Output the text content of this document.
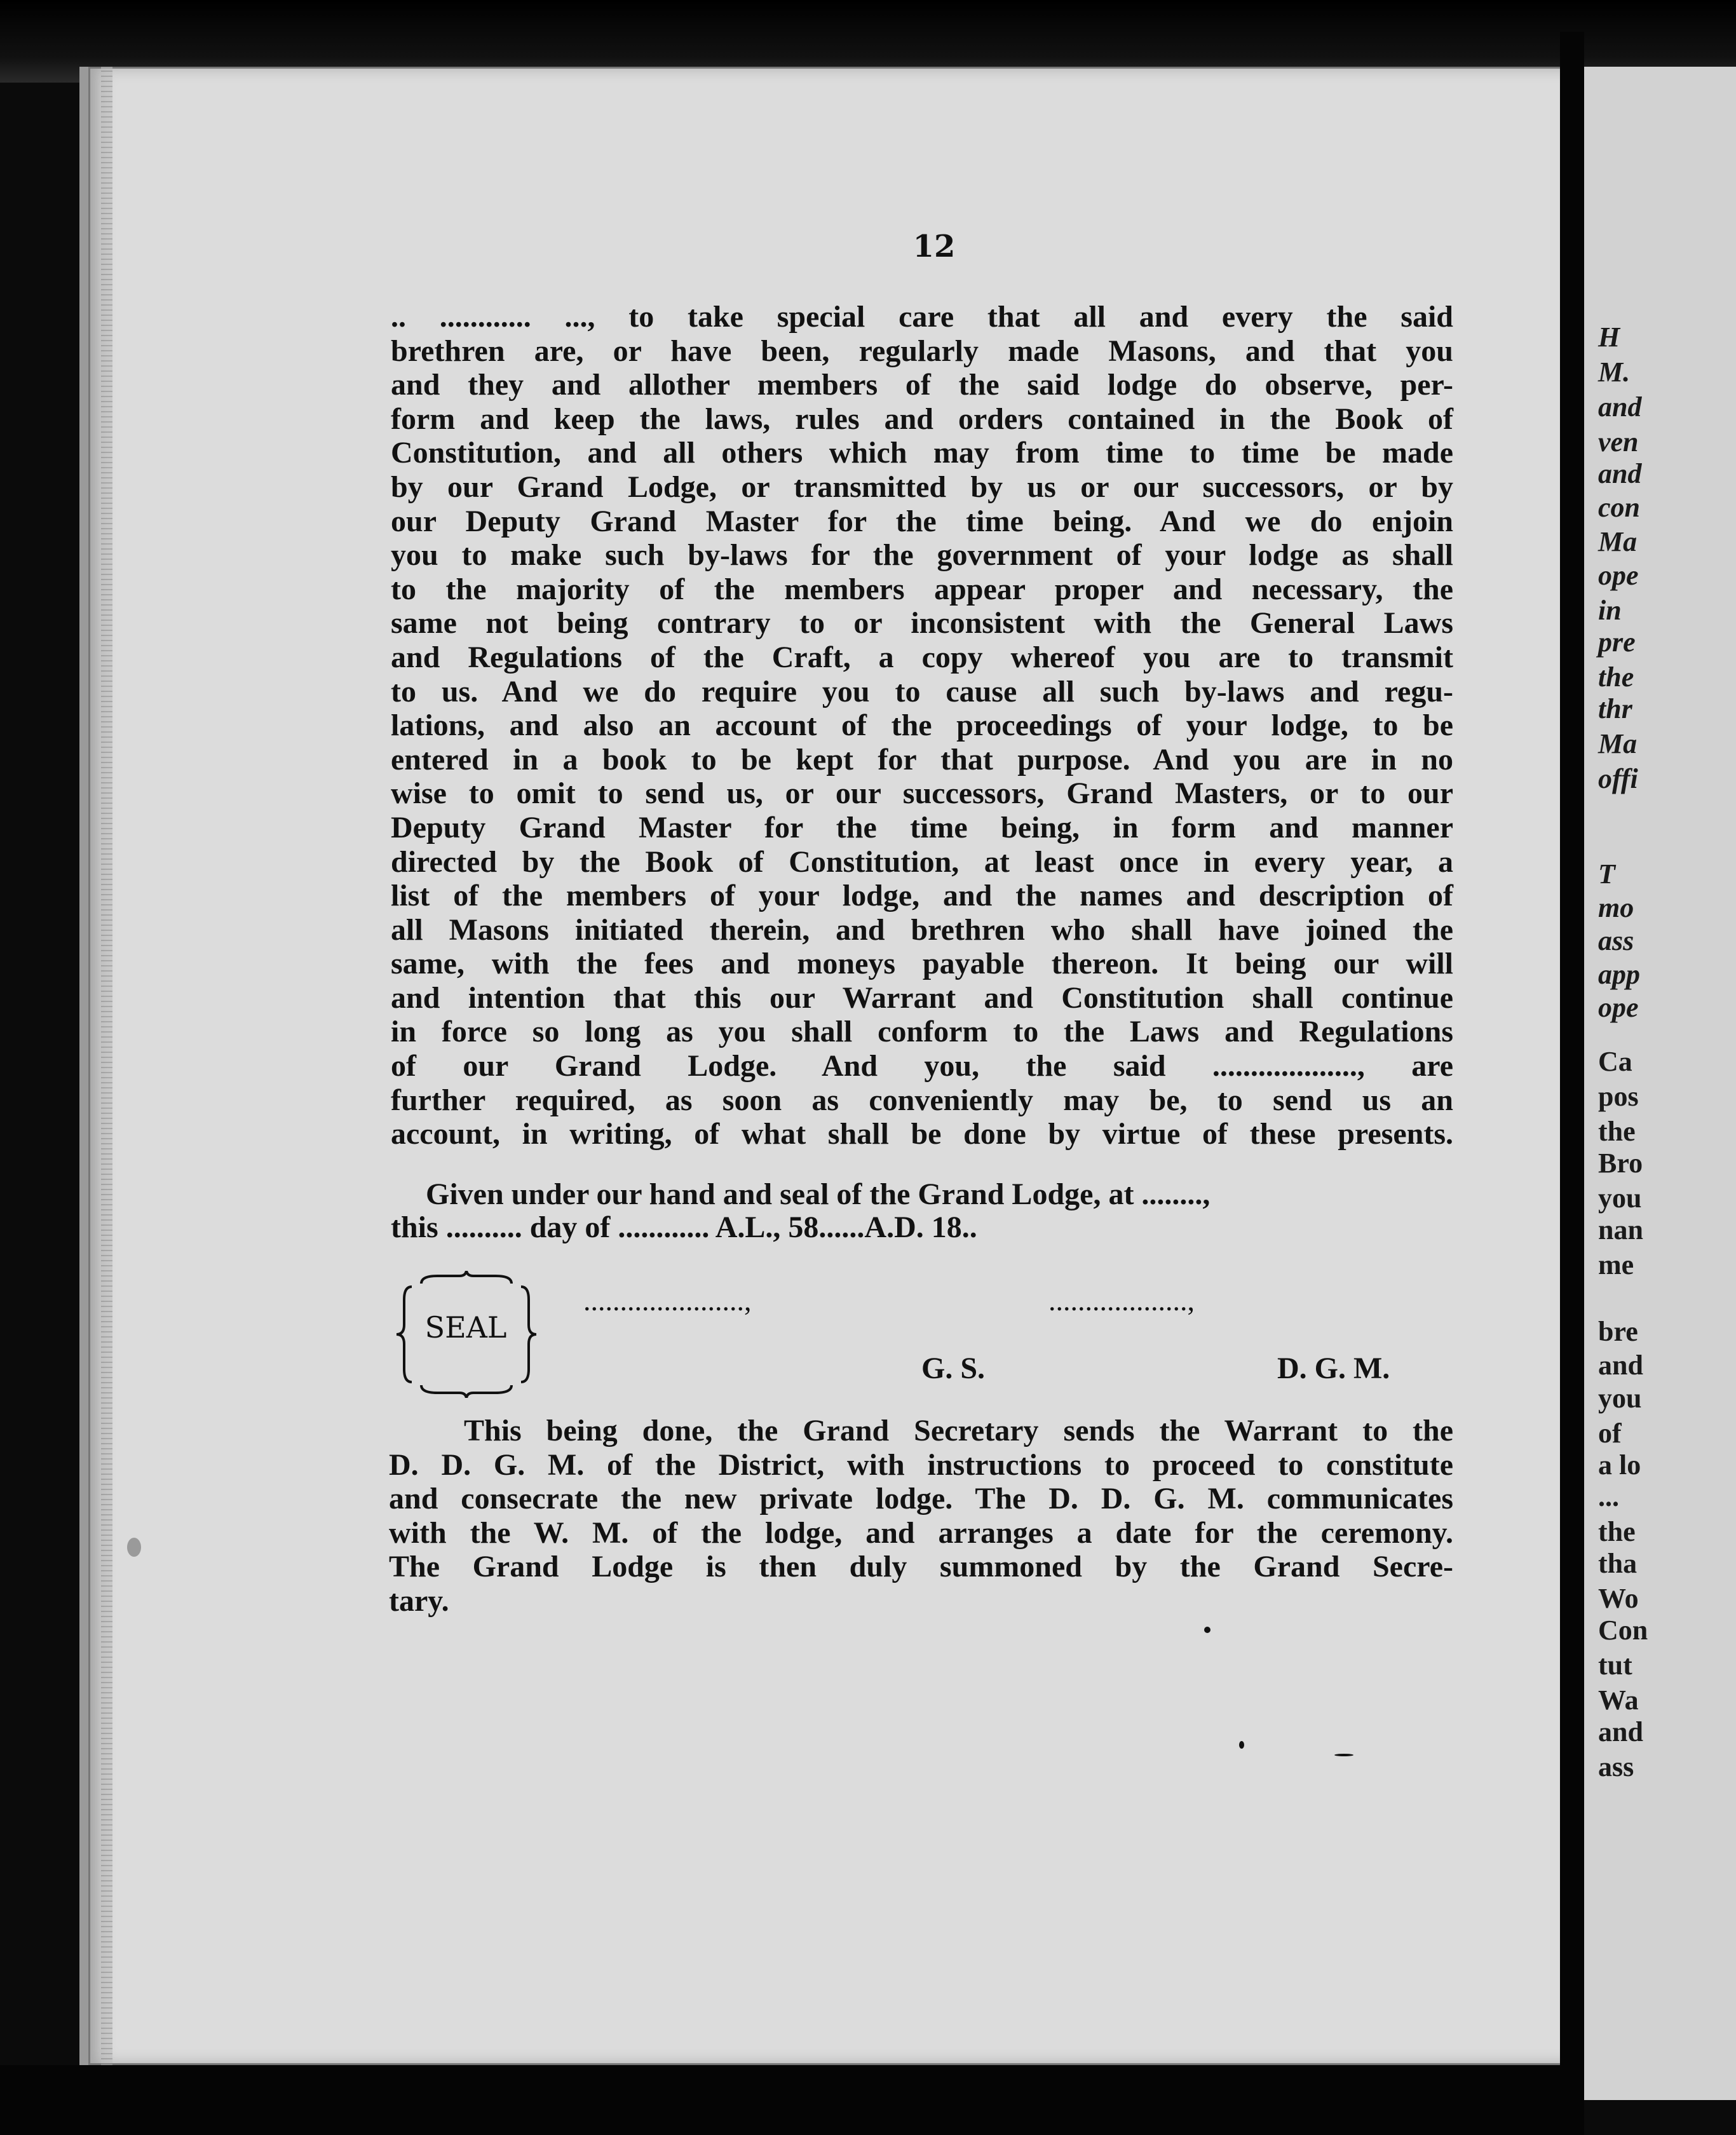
12
.. ............ ..., to take special care that all and every the said
brethren are, or have been, regularly made Masons, and that you
and they and allother members of the said lodge do observe, per-
form and keep the laws, rules and orders contained in the Book of
Constitution, and all others which may from time to time be made
by our Grand Lodge, or transmitted by us or our successors, or by
our Deputy Grand Master for the time being. And we do enjoin
you to make such by-laws for the government of your lodge as shall
to the majority of the members appear proper and necessary, the
same not being contrary to or inconsistent with the General Laws
and Regulations of the Craft, a copy whereof you are to transmit
to us. And we do require you to cause all such by-laws and regu-
lations, and also an account of the proceedings of your lodge, to be
entered in a book to be kept for that purpose. And you are in no
wise to omit to send us, or our successors, Grand Masters, or to our
Deputy Grand Master for the time being, in form and manner
directed by the Book of Constitution, at least once in every year, a
list of the members of your lodge, and the names and description of
all Masons initiated therein, and brethren who shall have joined the
same, with the fees and moneys payable thereon. It being our will
and intention that this our Warrant and Constitution shall continue
in force so long as you shall conform to the Laws and Regulations
of our Grand Lodge. And you, the said ..................., are
further required, as soon as conveniently may be, to send us an
account, in writing, of what shall be done by virtue of these presents.
Given under our hand and seal of the Grand Lodge, at ........,
this .......... day of ............ A.L., 58......A.D. 18..
SEAL
......................,	...................,
G. S.	D. G. M.
This being done, the Grand Secretary sends the Warrant to the
D. D. G. M. of the District, with instructions to proceed to constitute
and consecrate the new private lodge. The D. D. G. M. communicates
with the W. M. of the lodge, and arranges a date for the ceremony.
The Grand Lodge is then duly summoned by the Grand Secre-
tary.
H
M.
and
ven
and
con
Ma
ope
in
pre
the
thr
Ma
offi
T
mo
ass
app
ope
Ca
pos
the
Bro
you
nan
me
bre
and
you
of
a lo
...
the
tha
Wo
Con
tut
Wa
and
ass
